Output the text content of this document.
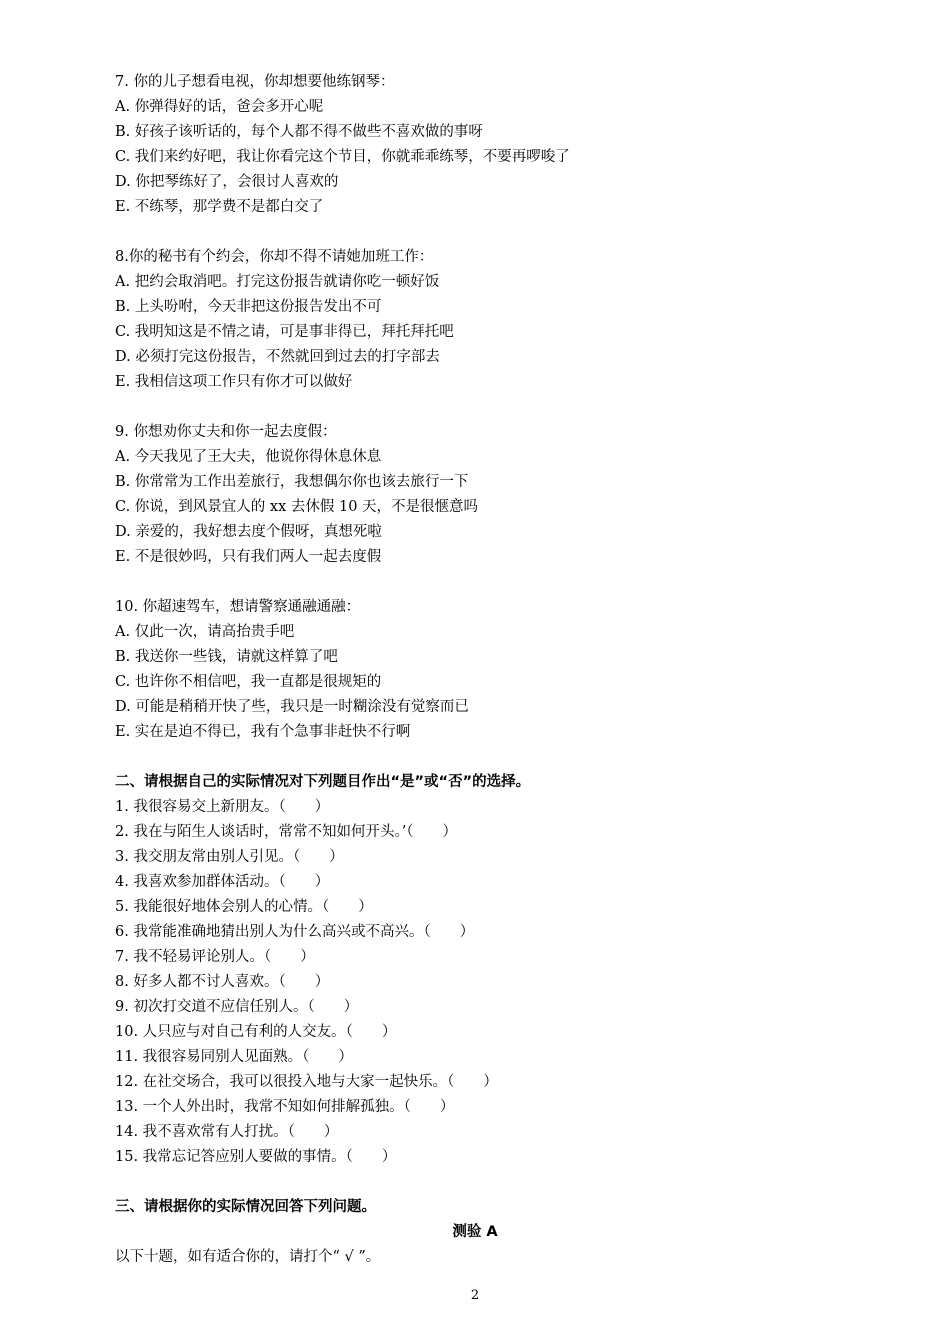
7. 你的儿子想看电视，你却想要他练钢琴：
A. 你弹得好的话，爸会多开心呢
B. 好孩子该听话的，每个人都不得不做些不喜欢做的事呀
C. 我们来约好吧，我让你看完这个节目，你就乖乖练琴，不要再啰唆了
D. 你把琴练好了，会很讨人喜欢的
E. 不练琴，那学费不是都白交了
8.你的秘书有个约会，你却不得不请她加班工作：
A. 把约会取消吧。打完这份报告就请你吃一顿好饭
B. 上头吩咐，今天非把这份报告发出不可
C. 我明知这是不情之请，可是事非得已，拜托拜托吧
D. 必须打完这份报告，不然就回到过去的打字部去
E. 我相信这项工作只有你才可以做好
9. 你想劝你丈夫和你一起去度假：
A. 今天我见了王大夫，他说你得休息休息
B. 你常常为工作出差旅行，我想偶尔你也该去旅行一下
C. 你说，到风景宜人的 xx 去休假 10 天，不是很惬意吗
D. 亲爱的，我好想去度个假呀，真想死啦
E. 不是很妙吗，只有我们两人一起去度假
10. 你超速驾车，想请警察通融通融：
A. 仅此一次，请高抬贵手吧
B. 我送你一些钱，请就这样算了吧
C. 也许你不相信吧，我一直都是很规矩的
D. 可能是稍稍开快了些，我只是一时糊涂没有觉察而已
E. 实在是迫不得已，我有个急事非赶快不行啊
二、请根据自己的实际情况对下列题目作出“是”或“否”的选择。
1. 我很容易交上新朋友。（　　）
2. 我在与陌生人谈话时，常常不知如何开头。’（　　）
3. 我交朋友常由别人引见。（　　）
4. 我喜欢参加群体活动。（　　）
5. 我能很好地体会别人的心情。（　　）
6. 我常能准确地猜出别人为什么高兴或不高兴。（　　）
7. 我不轻易评论别人。（　　）
8. 好多人都不讨人喜欢。（　　）
9. 初次打交道不应信任别人。（　　）
10. 人只应与对自己有利的人交友。（　　）
11. 我很容易同别人见面熟。（　　）
12. 在社交场合，我可以很投入地与大家一起快乐。（　　）
13. 一个人外出时，我常不知如何排解孤独。（　　）
14. 我不喜欢常有人打扰。（　　）
15. 我常忘记答应别人要做的事情。（　　）
三、请根据你的实际情况回答下列问题。
测验 A
以下十题，如有适合你的，请打个“ √ ”。
2
